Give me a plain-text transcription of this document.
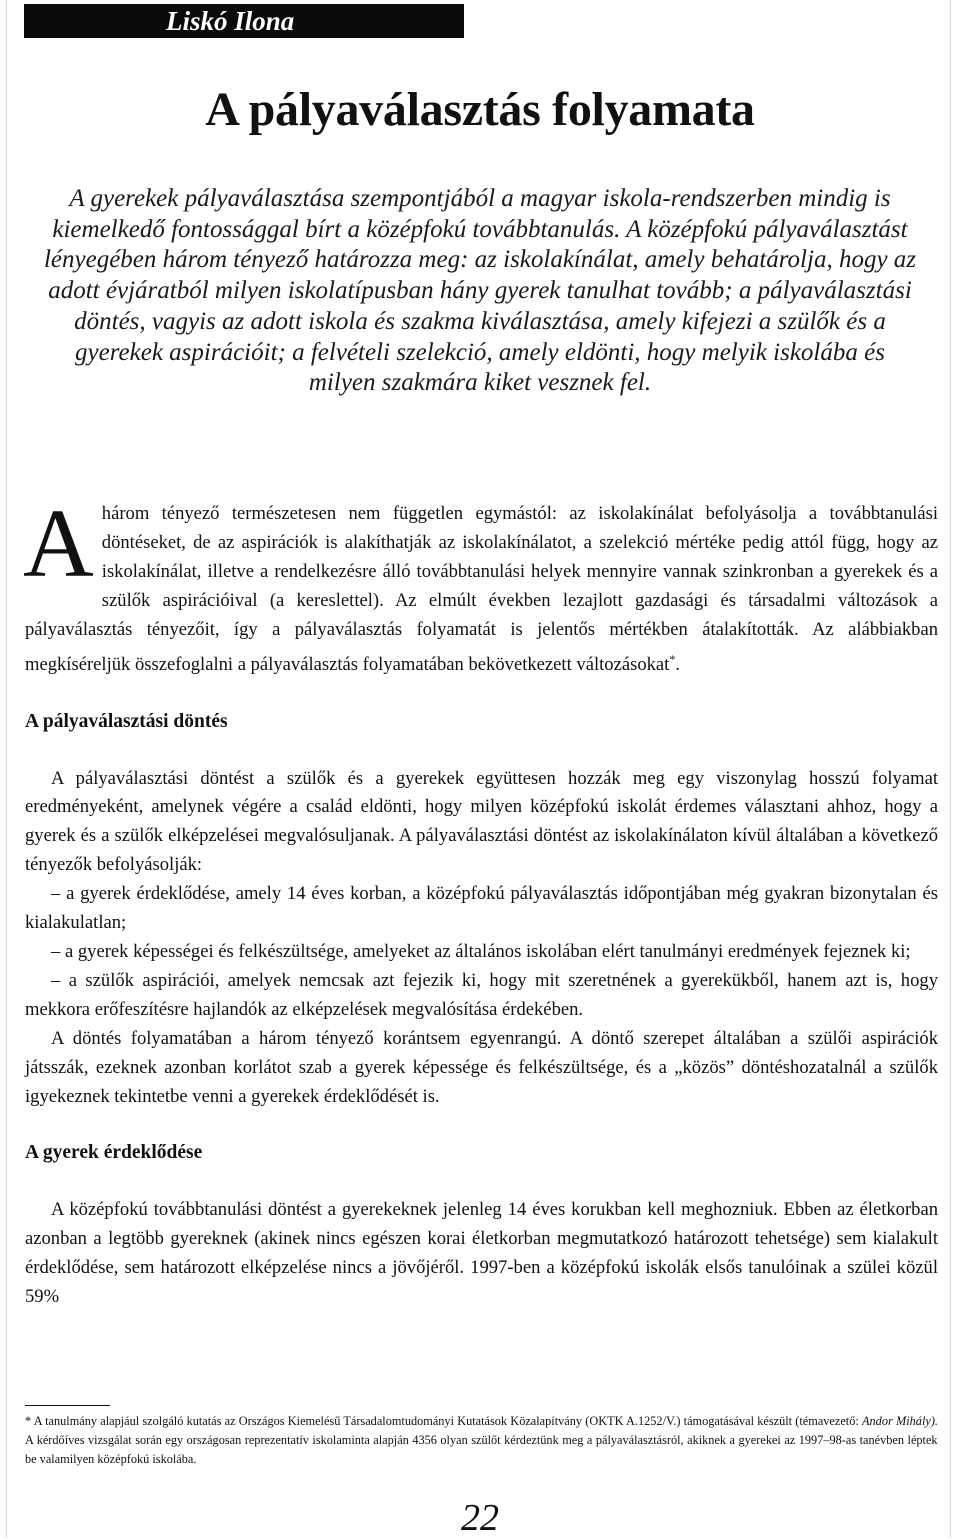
Liskó Ilona
A pályaválasztás folyamata

A gyerekek pályaválasztása szempontjából a magyar iskola-rendszerben mindig is kiemelkedő fontossággal bírt a középfokú továbbtanulás. A középfokú pályaválasztást lényegében három tényező határozza meg: az iskolakínálat, amely behatárolja, hogy az adott évjáratból milyen iskolatípusban hány gyerek tanulhat tovább; a pályaválasztási döntés, vagyis az adott iskola és szakma kiválasztása, amely kifejezi a szülők és a gyerekek aspirációit; a felvételi szelekció, amely eldönti, hogy melyik iskolába és milyen szakmára kiket vesznek fel.

Ahárom tényező természetesen nem független egymástól: az iskolakínálat befolyásolja a továbbtanulási döntéseket, de az aspirációk is alakíthatják az iskolakínálatot, a szelekció mértéke pedig attól függ, hogy az iskolakínálat, illetve a rendelkezésre álló továbbtanulási helyek mennyire vannak szinkronban a gyerekek és a szülők aspirációival (a kereslettel). Az elmúlt években lezajlott gazdasági és társadalmi változások a pályaválasztás tényezőit, így a pályaválasztás folyamatát is jelentős mértékben átalakították. Az alábbiakban megkíséreljük összefoglalni a pályaválasztás folyamatában bekövetkezett változásokat*.

A pályaválasztási döntés

A pályaválasztási döntést a szülők és a gyerekek együttesen hozzák meg egy viszonylag hosszú folyamat eredményeként, amelynek végére a család eldönti, hogy milyen középfokú iskolát érdemes választani ahhoz, hogy a gyerek és a szülők elképzelései megvalósuljanak. A pályaválasztási döntést az iskolakínálaton kívül általában a következő tényezők befolyásolják:

– a gyerek érdeklődése, amely 14 éves korban, a középfokú pályaválasztás időpontjában még gyakran bizonytalan és kialakulatlan;

– a gyerek képességei és felkészültsége, amelyeket az általános iskolában elért tanulmányi eredmények fejeznek ki;

– a szülők aspirációi, amelyek nemcsak azt fejezik ki, hogy mit szeretnének a gyerekükből, hanem azt is, hogy mekkora erőfeszítésre hajlandók az elképzelések megvalósítása érdekében.

A döntés folyamatában a három tényező korántsem egyenrangú. A döntő szerepet általában a szülői aspirációk játsszák, ezeknek azonban korlátot szab a gyerek képessége és felkészültsége, és a „közös” döntéshozatalnál a szülők igyekeznek tekintetbe venni a gyerekek érdeklődését is.

A gyerek érdeklődése

A középfokú továbbtanulási döntést a gyerekeknek jelenleg 14 éves korukban kell meghozniuk. Ebben az életkorban azonban a legtöbb gyereknek (akinek nincs egészen korai életkorban megmutatkozó határozott tehetsége) sem kialakult érdeklődése, sem határozott elképzelése nincs a jövőjéről. 1997-ben a középfokú iskolák elsős tanulóinak a szülei közül 59%

* A tanulmány alapjául szolgáló kutatás az Országos Kiemelésű Társadalomtudományi Kutatások Közalapítvány (OKTK A.1252/V.) támogatásával készült (témavezető: Andor Mihály). A kérdőíves vizsgálat során egy országosan reprezentatív iskolaminta alapján 4356 olyan szülőt kérdeztünk meg a pályaválasztásról, akiknek a gyerekei az 1997–98-as tanévben léptek be valamilyen középfokú iskolába.

22
